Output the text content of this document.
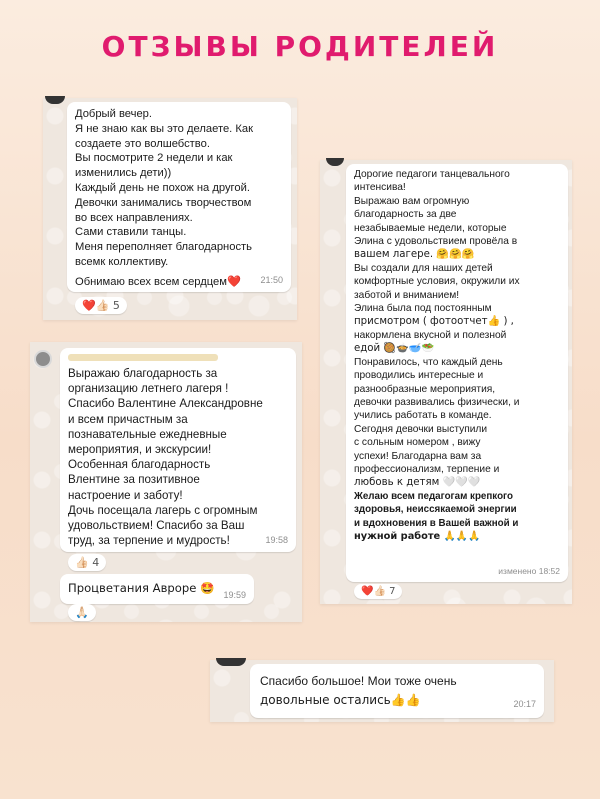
ОТЗЫВЫ РОДИТЕЛЕЙ

Добрый вечер.

Я не знаю как вы это делаете. Как

создаете это волшебство.

Вы посмотрите 2 недели и как

изменились дети))

Каждый день не похож на другой.

Девочки занимались творчеством

во всех направлениях.

Сами ставили танцы.

Меня переполняет благодарность

всемк коллективу.

Обнимаю всех всем сердцем❤️	21:50
❤️👍🏻 5

Дорогие педагоги танцевального

интенсива!

Выражаю вам огромную

благодарность за две

незабываемые недели, которые

Элина с удовольствием провёла в

вашем лагере. 🤗🤗🤗

Вы создали для наших детей

комфортные условия, окружили их

заботой и вниманием!

Элина была под постоянным

присмотром ( фотоотчет👍 ) ,

накормлена вкусной и полезной

едой 🥘🍲🥣🥗

Понравилось, что каждый день

проводились интересные и

разнообразные мероприятия,

девочки развивались физически, и

учились работать в команде.

Сегодня девочки выступили

с сольным номером , вижу

успехи! Благодарна вам за

профессионализм, терпение и

любовь к детям 🤍🤍🤍

Желаю всем педагогам крепкого

здоровья, неиссякаемой энергии

и вдохновения в Вашей важной и

нужной работе 🙏🙏🙏

изменено 18:52
❤️👍🏻 7

Выражаю благодарность за

организацию летнего лагеря !

Спасибо Валентине Александровне

и всем причастным за

познавательные ежедневные

мероприятия, и экскурсии!

Особенная благодарность

Влентине за позитивное

настроение и заботу!

Дочь посещала лагерь с огромным

удовольствием! Спасибо за Ваш

труд, за терпение и мудрость!	19:58
👍🏻 4
Процветания Авроре 🤩 19:59
🙏🏻

Спасибо большое! Мои тоже очень

довольные остались👍👍	20:17
